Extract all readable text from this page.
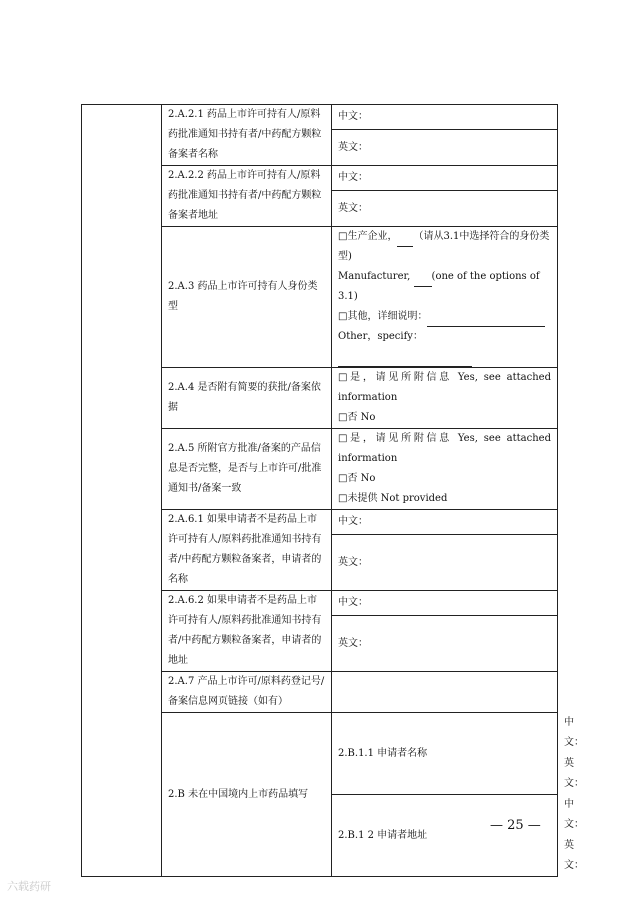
	2.A.2.1 药品上市许可持有人/原料药批准通知书持有者/中药配方颗粒备案者名称	中文：	
		英文：	
	2.A.2.2 药品上市许可持有人/原料药批准通知书持有者/中药配方颗粒备案者地址	中文：	
		英文：	
	2.A.3 药品上市许可持有人身份类型	□生产企业， （请从3.1中选择符合的身份类型)
Manufacturer, (one of the options of 3.1)
□其他，详细说明：
Other，specify：	

	2.A.4 是否附有简要的获批/备案依据	□是，请见所附信息 Yes, see attached information
□否 No	

	2.A.5 所附官方批准/备案的产品信息是否完整，是否与上市许可/批准通知书/备案一致	□是，请见所附信息 Yes, see attached information
□否 No
□未提供 Not provided	

	2.A.6.1 如果申请者不是药品上市许可持有人/原料药批准通知书持有者/中药配方颗粒备案者，申请者的名称	中文：	
		英文：	
	2.A.6.2 如果申请者不是药品上市许可持有人/原料药批准通知书持有者/中药配方颗粒备案者，申请者的地址	中文：	
		英文：	
	2.A.7 产品上市许可/原料药登记号/备案信息网页链接（如有）		
	2.B 未在中国境内上市药品填写	2.B.1.1 申请者名称	中文：
			英文：
		2.B.1 2 申请者地址	中文：
			英文：
— 25 —
六载药研
